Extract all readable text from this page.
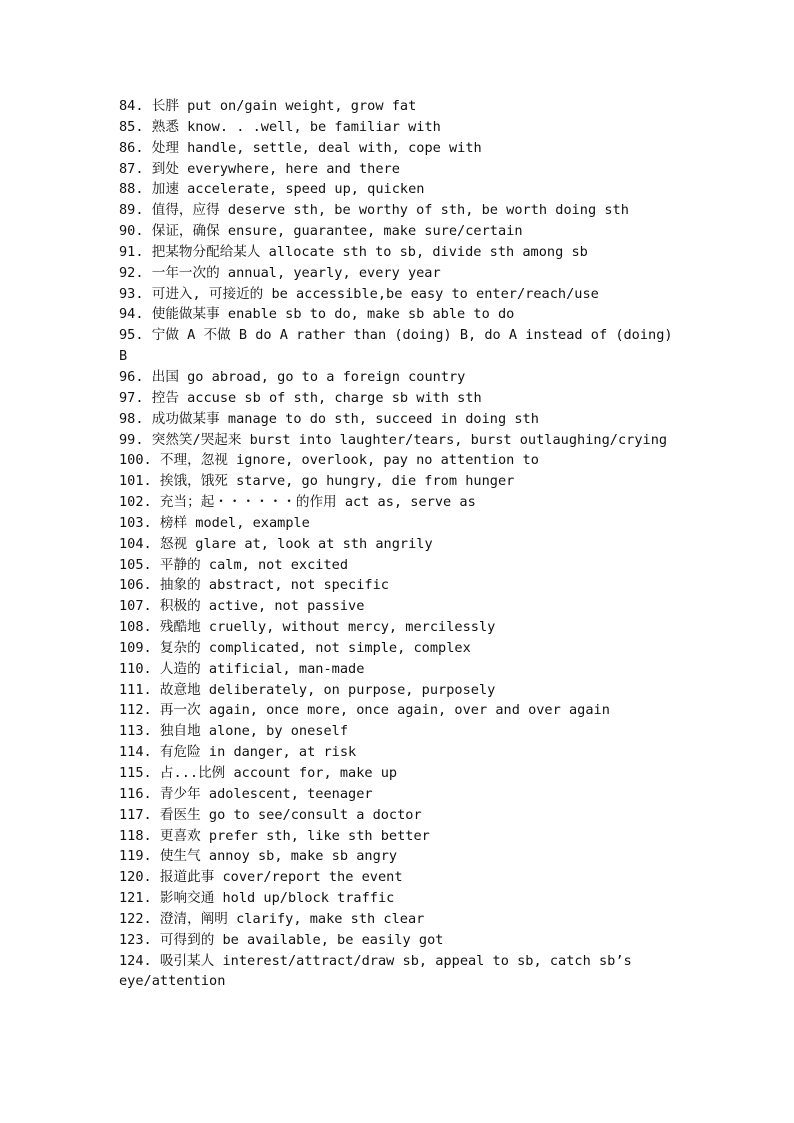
84. 长胖 put on/gain weight, grow fat

85. 熟悉 know. . .well, be familiar with

86. 处理 handle, settle, deal with, cope with

87. 到处 everywhere, here and there

88. 加速 accelerate, speed up, quicken

89. 值得，应得 deserve sth, be worthy of sth, be worth doing sth

90. 保证，确保 ensure, guarantee, make sure/certain

91. 把某物分配给某人 allocate sth to sb, divide sth among sb

92. 一年一次的 annual, yearly, every year

93. 可进入, 可接近的 be accessible,be easy to enter/reach/use

94. 使能做某事 enable sb to do, make sb able to do

95. 宁做 A 不做 B do A rather than (doing) B, do A instead of (doing) B

96. 出国 go abroad, go to a foreign country

97. 控告 accuse sb of sth, charge sb with sth

98. 成功做某事 manage to do sth, succeed in doing sth

99. 突然笑/哭起来 burst into laughter/tears, burst outlaughing/crying

100. 不理，忽视 ignore, overlook, pay no attention to

101. 挨饿，饿死 starve, go hungry, die from hunger

102. 充当；起・・・・・・的作用 act as, serve as

103. 榜样 model, example

104. 怒视 glare at, look at sth angrily

105. 平静的 calm, not excited

106. 抽象的 abstract, not specific

107. 积极的 active, not passive

108. 残酷地 cruelly, without mercy, mercilessly

109. 复杂的 complicated, not simple, complex

110. 人造的 atificial, man-made

111. 故意地 deliberately, on purpose, purposely

112. 再一次 again, once more, once again, over and over again

113. 独自地 alone, by oneself

114. 有危险 in danger, at risk

115. 占...比例 account for, make up

116. 青少年 adolescent, teenager

117. 看医生 go to see/consult a doctor

118. 更喜欢 prefer sth, like sth better

119. 使生气 annoy sb, make sb angry

120. 报道此事 cover/report the event

121. 影响交通 hold up/block traffic

122. 澄清，阐明 clarify, make sth clear

123. 可得到的 be available, be easily got

124. 吸引某人 interest/attract/draw sb, appeal to sb, catch sb’s eye/attention
